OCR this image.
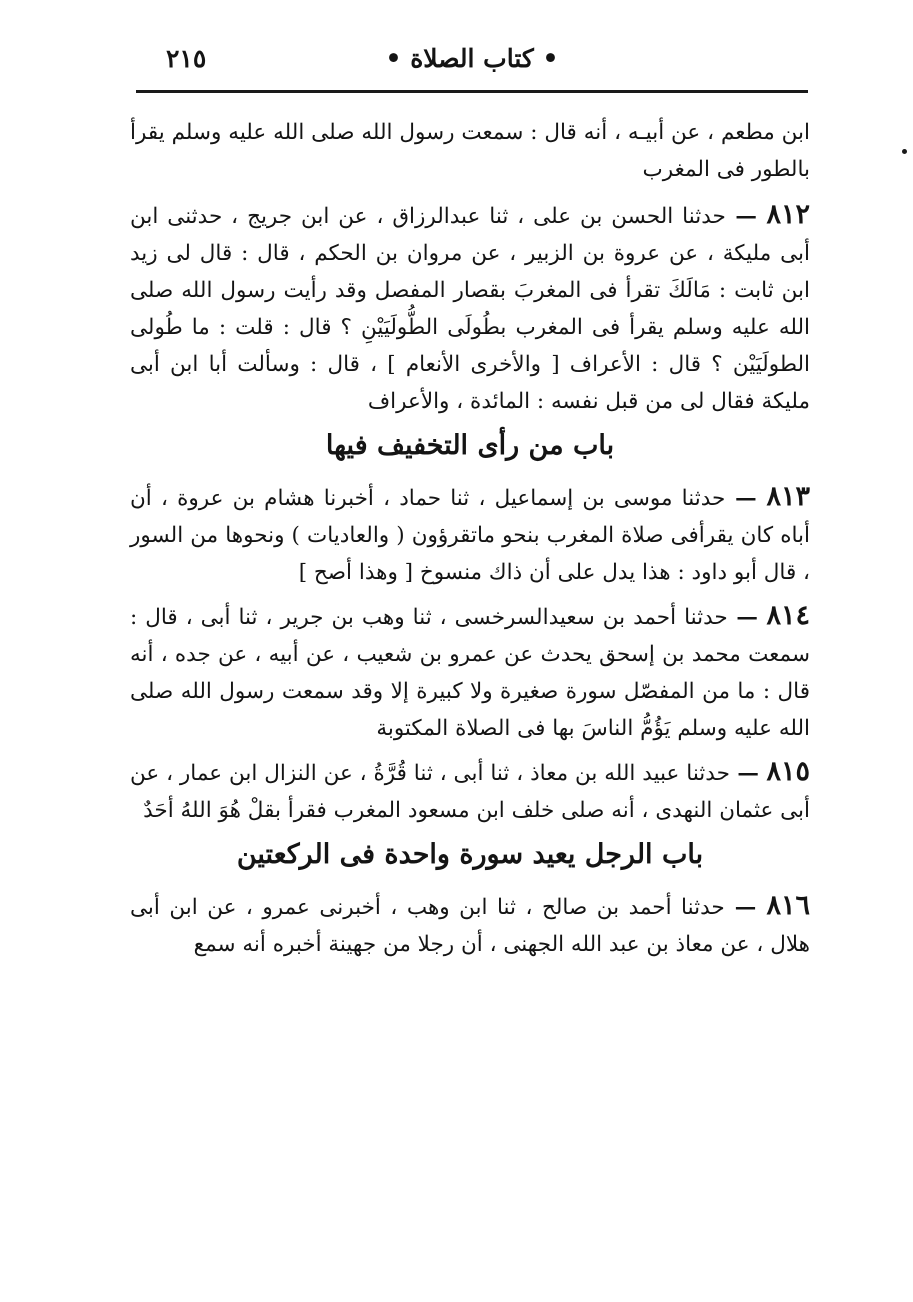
• كتاب الصلاة •
٢١٥

ابن مطعم ، عن أبيـه ، أنه قال : سمعت رسول الله صلى الله عليه وسلم يقرأ بالطور فى المغرب

٨١٢ — حدثنا الحسن بن على ، ثنا عبدالرزاق ، عن ابن جريج ، حدثنى ابن أبى مليكة ، عن عروة بن الزبير ، عن مروان بن الحكم ، قال : قال لى زيد ابن ثابت : مَالَكَ تقرأ فى المغربَ بقصار المفصل وقد رأيت رسول الله صلى الله عليه وسلم يقرأ فى المغرب بطُولَى الطُّولَيَيْنِ ؟ قال : قلت : ما طُولى الطولَيَيْن ؟ قال : الأعراف [ والأخرى الأنعام ] ، قال : وسألت أبا ابن أبى مليكة فقال لى من قبل نفسه : المائدة ، والأعراف

باب من رأى التخفيف فيها

٨١٣ — حدثنا موسى بن إسماعيل ، ثنا حماد ، أخبرنا هشام بن عروة ، أن أباه كان يقرأفى صلاة المغرب بنحو ماتقرؤون ( والعاديات ) ونحوها من السور ، قال أبو داود : هذا يدل على أن ذاك منسوخ [ وهذا أصح ]

٨١٤ — حدثنا أحمد بن سعيدالسرخسى ، ثنا وهب بن جرير ، ثنا أبى ، قال : سمعت محمد بن إسحق يحدث عن عمرو بن شعيب ، عن أبيه ، عن جده ، أنه قال : ما من المفصّل سورة صغيرة ولا كبيرة إلا وقد سمعت رسول الله صلى الله عليه وسلم يَؤُمُّ الناسَ بها فى الصلاة المكتوبة

٨١٥ — حدثنا عبيد الله بن معاذ ، ثنا أبى ، ثنا قُرَّةُ ، عن النزال ابن عمار ، عن أبى عثمان النهدى ، أنه صلى خلف ابن مسعود المغرب فقرأ بقلْ هُوَ اللهُ أحَدٌ

باب الرجل يعيد سورة واحدة فى الركعتين

٨١٦ — حدثنا أحمد بن صالح ، ثنا ابن وهب ، أخبرنى عمرو ، عن ابن أبى هلال ، عن معاذ بن عبد الله الجهنى ، أن رجلا من جهينة أخبره أنه سمع
